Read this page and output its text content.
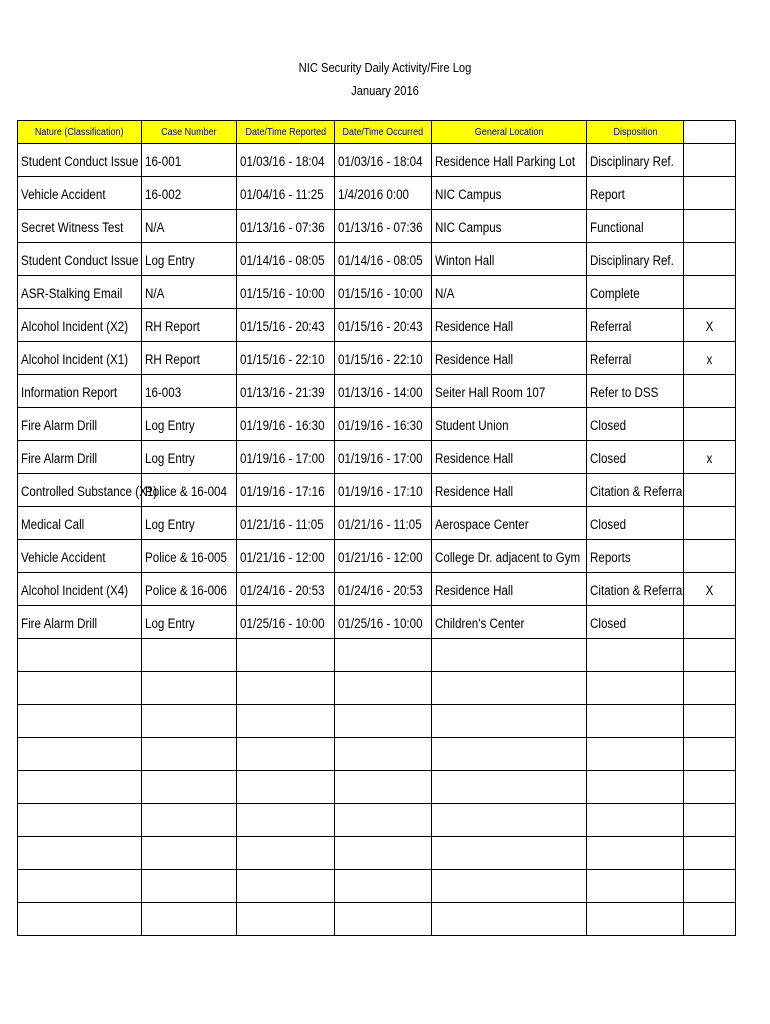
NIC Security Daily Activity/Fire Log
January 2016
Nature (Classification)	Case Number	Date/Time Reported	Date/Time Occurred	General Location	Disposition	
Student Conduct Issue	16-001	01/03/16 - 18:04	01/03/16 - 18:04	Residence Hall Parking Lot	Disciplinary Ref.	
Vehicle Accident	16-002	01/04/16 - 11:25	1/4/2016 0:00	NIC Campus	Report	
Secret Witness Test	N/A	01/13/16 - 07:36	01/13/16 - 07:36	NIC Campus	Functional	
Student Conduct Issue	Log Entry	01/14/16 - 08:05	01/14/16 - 08:05	Winton Hall	Disciplinary Ref.	
ASR-Stalking Email	N/A	01/15/16 - 10:00	01/15/16 - 10:00	N/A	Complete	
Alcohol Incident (X2)	RH Report	01/15/16 - 20:43	01/15/16 - 20:43	Residence Hall	Referral	X
Alcohol Incident (X1)	RH Report	01/15/16 - 22:10	01/15/16 - 22:10	Residence Hall	Referral	x
Information Report	16-003	01/13/16 - 21:39	01/13/16 - 14:00	Seiter Hall Room 107	Refer to DSS	
Fire Alarm Drill	Log Entry	01/19/16 - 16:30	01/19/16 - 16:30	Student Union	Closed	
Fire Alarm Drill	Log Entry	01/19/16 - 17:00	01/19/16 - 17:00	Residence Hall	Closed	x
Controlled Substance (X1)	Police & 16-004	01/19/16 - 17:16	01/19/16 - 17:10	Residence Hall	Citation & Referral	
Medical Call	Log Entry	01/21/16 - 11:05	01/21/16 - 11:05	Aerospace Center	Closed	
Vehicle Accident	Police & 16-005	01/21/16 - 12:00	01/21/16 - 12:00	College Dr. adjacent to Gym	Reports	
Alcohol Incident (X4)	Police & 16-006	01/24/16 - 20:53	01/24/16 - 20:53	Residence Hall	Citation & Referral	X
Fire Alarm Drill	Log Entry	01/25/16 - 10:00	01/25/16 - 10:00	Children's Center	Closed	
